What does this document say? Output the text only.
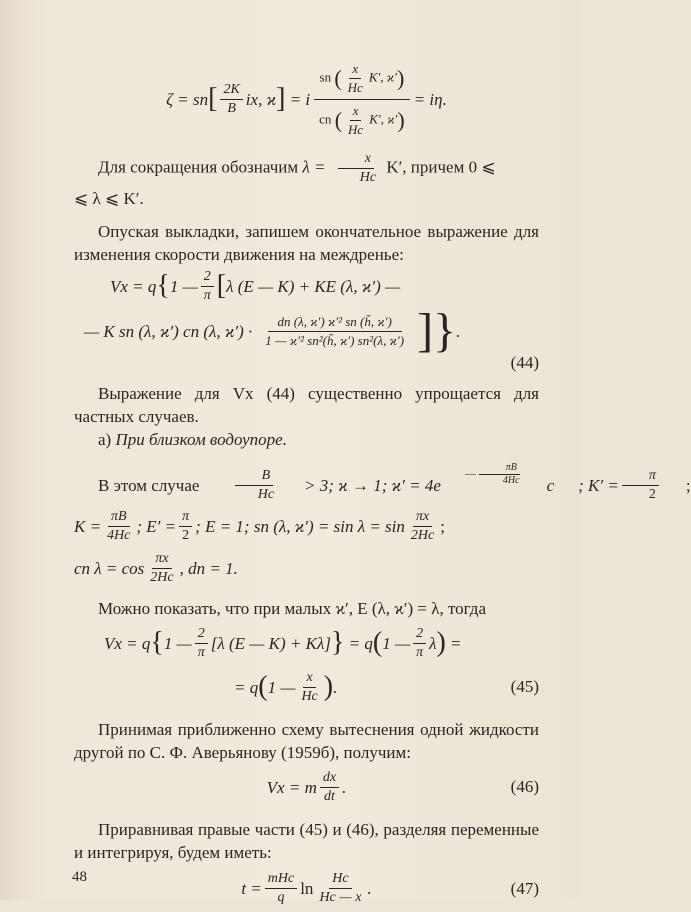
ζ = sn [ $\frac{2K}{B}$ ix, ϰ ]
= i $\frac{sn ( \frac{x}{Hc} K', ϰ')}{cn ( \frac{x}{Hc} K', ϰ')} = i\eta$.

Для сокращения обозначим $\lambda = \frac{x}{Hc} K'$, причем 0 ⩽

⩽ λ ⩽ K′.

Опуская выкладки, запишем окончательное выражение для изменения скорости движения на междренье:

Vx = q { 1 — $\frac{2}{\pi}$ [ λ (E — K) + KE (λ, ϰ′) —
— K sn (λ, ϰ′) cn (λ, $ϰ') \cdot \frac{\text{dn (λ, ϰ′) ϰ′² sn (h̃, ϰ′)}}{\text{1 — ϰ′² sn²(h̃, ϰ′) sn²(λ, ϰ′)}}$ ] } .
(44)

Выражение для Vx (44) существенно упрощается для частных случаев.

а) При близком водоупоре.

В этом случае
$\frac{B}{Hc}$	> 3; ϰ → 1; ϰ′ = 4e
$^{— \frac{\pi B}{4Hc}}$	c	; $K' = \frac{\pi}{2}$ ;

$K = \frac{\pi B}{4Hc}$ ; $E' = \frac{\pi}{2}$ ; E = 1; sn (λ, $ϰ') = \sin \lambda = \sin \frac{\pi x}{2Hc}$ ;

cn $\lambda = \cos \frac{\pi x}{2Hc}$ , dn = 1.

Можно показать, что при малых ϰ′, E (λ, ϰ′) = λ, тогда

Vx = q { 1 — $\frac{2}{\pi} [\lambda$ (E — K) + Kλ] }
= q ( 1 — $\frac{2}{\pi}$ λ )
=
= q ( 1 — $\frac{x}{Hc}$ ) .	(45)

Принимая приближенно схему вытеснения одной жидкости другой по С. Ф. Аверьянову (1959б), получим:

Vx = m $\frac{dx}{dt}$ .	(46)

Приравнивая правые части (45) и (46), разделяя переменные и интегрируя, будем иметь:

$t = \frac{\text{mHc}}{q}$ $\ln \frac{Hc}{Hc — x}$ .	(47)
48
